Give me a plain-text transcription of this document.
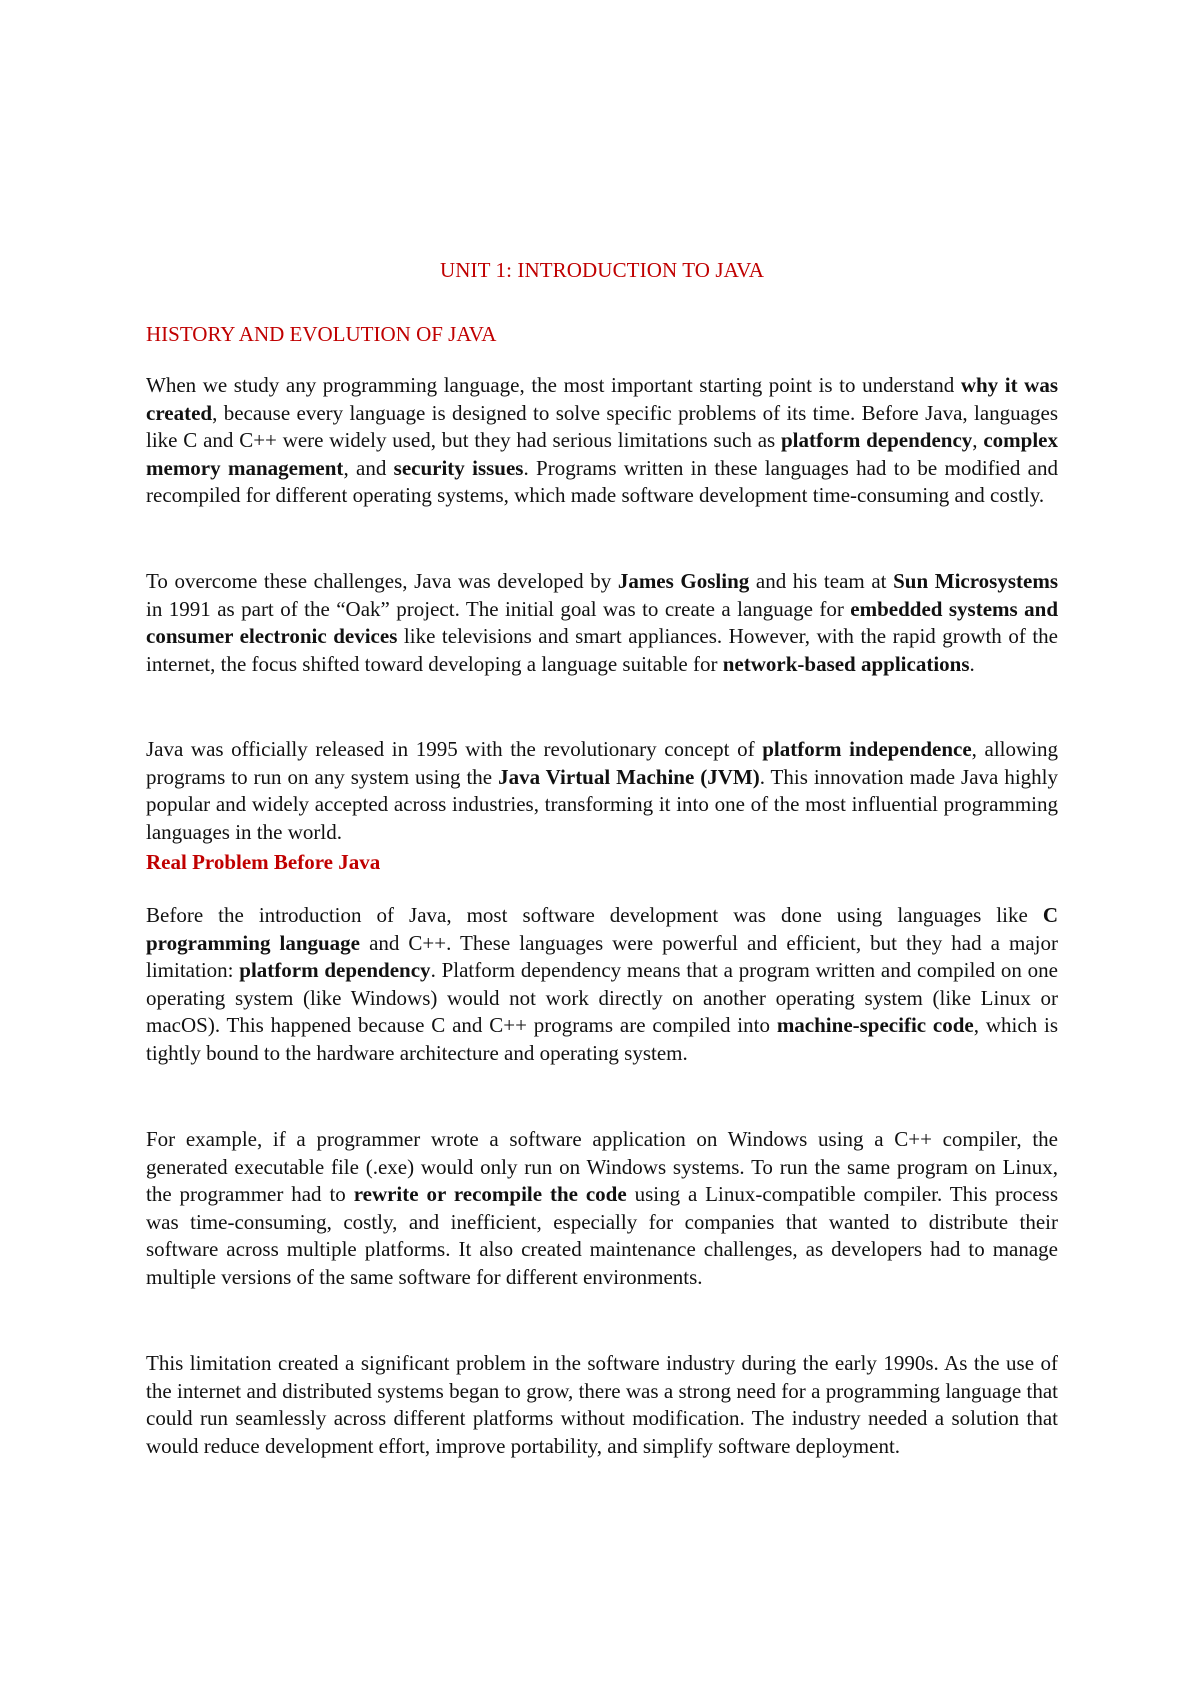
UNIT 1: INTRODUCTION TO JAVA
HISTORY AND EVOLUTION OF JAVA

When we study any programming language, the most important starting point is to understand why it was created, because every language is designed to solve specific problems of its time. Before Java, languages like C and C++ were widely used, but they had serious limitations such as platform dependency, complex memory management, and security issues. Programs written in these languages had to be modified and recompiled for different operating systems, which made software development time-consuming and costly.

To overcome these challenges, Java was developed by James Gosling and his team at Sun Microsystems in 1991 as part of the “Oak” project. The initial goal was to create a language for embedded systems and consumer electronic devices like televisions and smart appliances. However, with the rapid growth of the internet, the focus shifted toward developing a language suitable for network-based applications.

Java was officially released in 1995 with the revolutionary concept of platform independence, allowing programs to run on any system using the Java Virtual Machine (JVM). This innovation made Java highly popular and widely accepted across industries, transforming it into one of the most influential programming languages in the world.

Real Problem Before Java

Before the introduction of Java, most software development was done using languages like C programming language and C++. These languages were powerful and efficient, but they had a major limitation: platform dependency. Platform dependency means that a program written and compiled on one operating system (like Windows) would not work directly on another operating system (like Linux or macOS). This happened because C and C++ programs are compiled into machine-specific code, which is tightly bound to the hardware architecture and operating system.

For example, if a programmer wrote a software application on Windows using a C++ compiler, the generated executable file (.exe) would only run on Windows systems. To run the same program on Linux, the programmer had to rewrite or recompile the code using a Linux-compatible compiler. This process was time-consuming, costly, and inefficient, especially for companies that wanted to distribute their software across multiple platforms. It also created maintenance challenges, as developers had to manage multiple versions of the same software for different environments.

This limitation created a significant problem in the software industry during the early 1990s. As the use of the internet and distributed systems began to grow, there was a strong need for a programming language that could run seamlessly across different platforms without modification. The industry needed a solution that would reduce development effort, improve portability, and simplify software deployment.
